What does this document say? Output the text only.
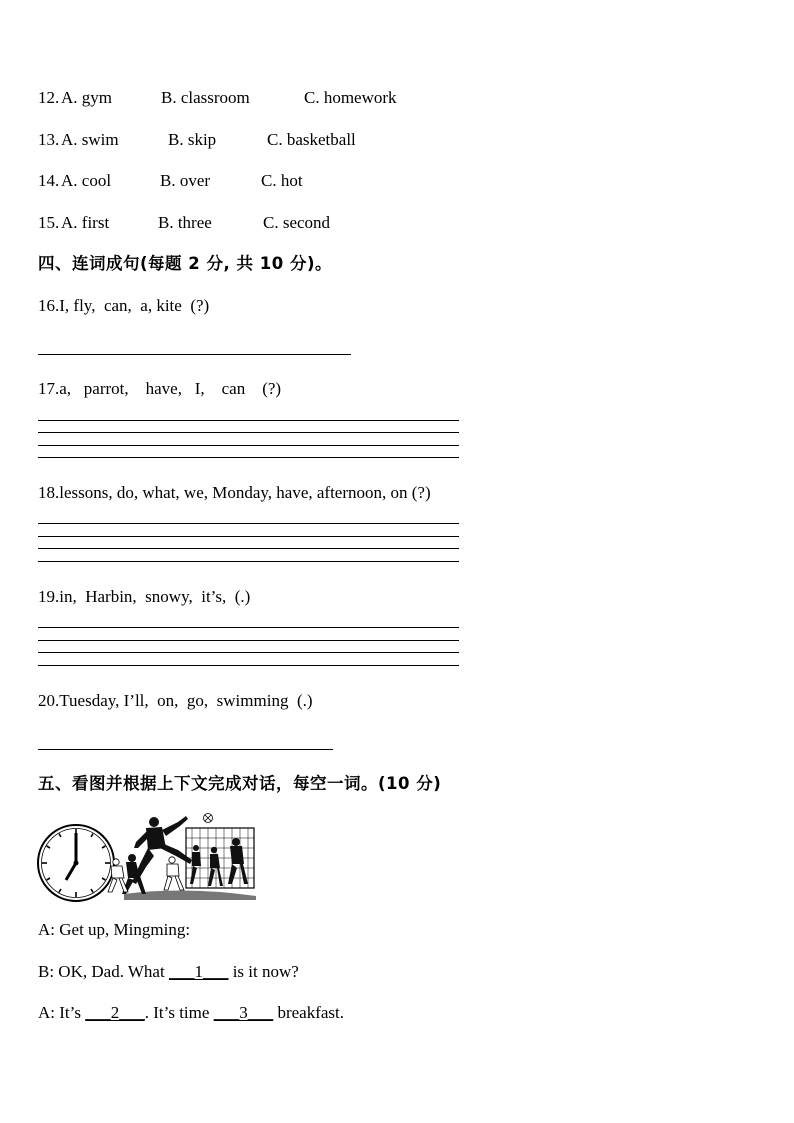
12. A. gym	B. classroom	C. homework
13. A. swim	B. skip	C. basketball
14. A. cool	B. over	C. hot
15. A. first	B. three	C. second
四、连词成句(每题 2 分, 共 10 分)。
16.I, fly,  can,  a, kite  (?)
17.a,   parrot,    have,   I,    can    (?)
18.lessons, do, what, we, Monday, have, afternoon, on (?)
19.in,  Harbin,  snowy,  it’s,  (.)
20.Tuesday, I’ll,  on,  go,  swimming  (.)
五、看图并根据上下文完成对话，每空一词。(10 分)
A: Get up, Mingming:
B: OK, Dad. What ___1___ is it now?
A: It’s ___2___. It’s time ___3___ breakfast.
